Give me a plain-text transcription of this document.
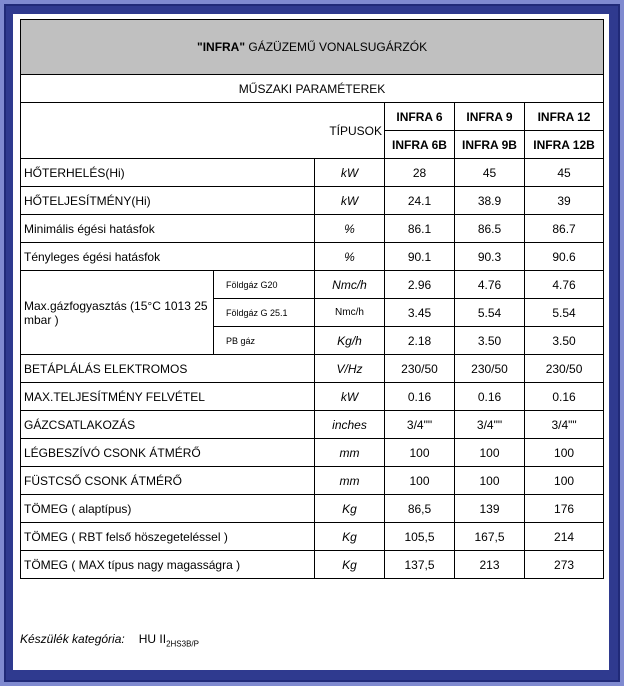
"INFRA" GÁZÜZEMŰ VONALSUGÁRZÓK					
MŰSZAKI PARAMÉTEREK					
TÍPUSOK			INFRA 6	INFRA 9	INFRA 12
			INFRA 6B	INFRA 9B	INFRA 12B
HŐTERHELÉS(Hi)		kW	28	45	45
HŐTELJESÍTMÉNY(Hi)		kW	24.1	38.9	39
Minimális égési hatásfok		%	86.1	86.5	86.7
Tényleges égési hatásfok		%	90.1	90.3	90.6
Max.gázfogyasztás (15°C 1013 25 mbar )	Földgáz G20	Nmc/h	2.96	4.76	4.76
	Földgáz G 25.1	Nmc/h	3.45	5.54	5.54
	PB gáz	Kg/h	2.18	3.50	3.50
BETÁPLÁLÁS ELEKTROMOS		V/Hz	230/50	230/50	230/50
MAX.TELJESÍTMÉNY FELVÉTEL		kW	0.16	0.16	0.16
GÁZCSATLAKOZÁS		inches	3/4""	3/4""	3/4""
LÉGBESZÍVÓ CSONK ÁTMÉRŐ		mm	100	100	100
FÜSTCSŐ CSONK ÁTMÉRŐ		mm	100	100	100
TÖMEG ( alaptípus)		Kg	86,5	139	176
TÖMEG ( RBT felső höszegeteléssel )		Kg	105,5	167,5	214
TÖMEG ( MAX típus nagy magasságra )		Kg	137,5	213	273
Készülék kategória: HU $II_{2HS3B/P}$
